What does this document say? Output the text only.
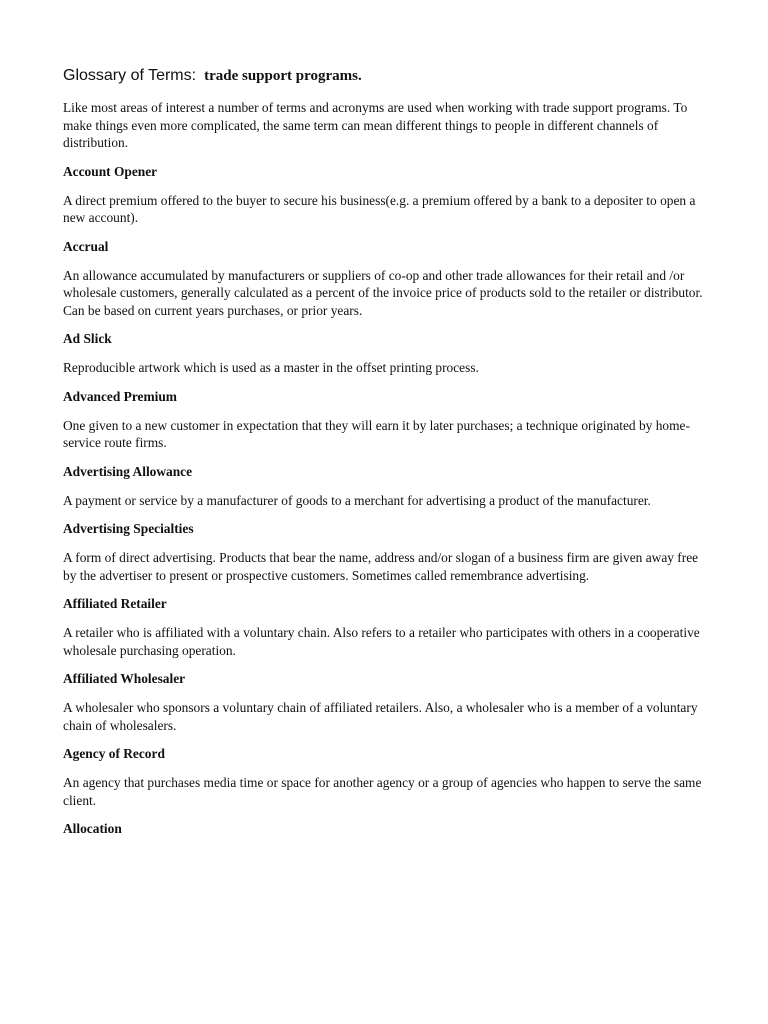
Glossary of Terms: trade support programs.

Like most areas of interest a number of terms and acronyms are used when working with trade support programs. To make things even more complicated, the same term can mean different things to people in different channels of distribution.

Account Opener

A direct premium offered to the buyer to secure his business(e.g. a premium offered by a bank to a depositer to open a new account).

Accrual

An allowance accumulated by manufacturers or suppliers of co-op and other trade allowances for their retail and /or wholesale customers, generally calculated as a percent of the invoice price of products sold to the retailer or distributor. Can be based on current years purchases, or prior years.

Ad Slick

Reproducible artwork which is used as a master in the offset printing process.

Advanced Premium

One given to a new customer in expectation that they will earn it by later purchases; a technique originated by home-service route firms.

Advertising Allowance

A payment or service by a manufacturer of goods to a merchant for advertising a product of the manufacturer.

Advertising Specialties

A form of direct advertising. Products that bear the name, address and/or slogan of a business firm are given away free by the advertiser to present or prospective customers. Sometimes called remembrance advertising.

Affiliated Retailer

A retailer who is affiliated with a voluntary chain. Also refers to a retailer who participates with others in a cooperative wholesale purchasing operation.

Affiliated Wholesaler

A wholesaler who sponsors a voluntary chain of affiliated retailers. Also, a wholesaler who is a member of a voluntary chain of wholesalers.

Agency of Record

An agency that purchases media time or space for another agency or a group of agencies who happen to serve the same client.

Allocation
